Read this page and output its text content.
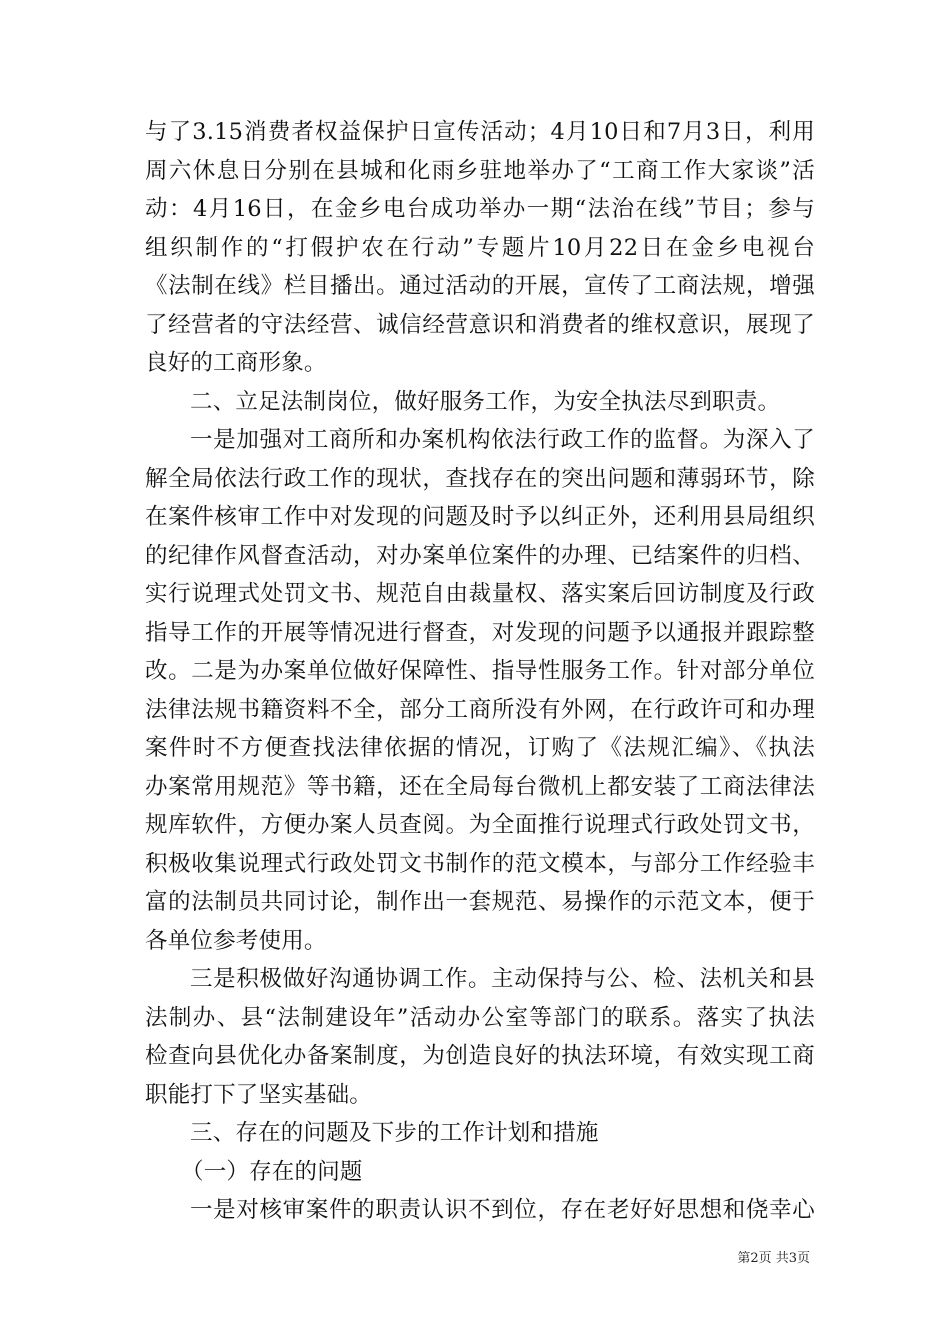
与了3.15消费者权益保护日宣传活动；4月10日和7月3日，利用
周六休息日分别在县城和化雨乡驻地举办了“工商工作大家谈”活
动：4月16日，在金乡电台成功举办一期“法治在线”节目；参与
组织制作的“打假护农在行动”专题片10月22日在金乡电视台
《法制在线》栏目播出。通过活动的开展，宣传了工商法规，增强
了经营者的守法经营、诚信经营意识和消费者的维权意识，展现了
良好的工商形象。
二、立足法制岗位，做好服务工作，为安全执法尽到职责。
一是加强对工商所和办案机构依法行政工作的监督。为深入了
解全局依法行政工作的现状，查找存在的突出问题和薄弱环节，除
在案件核审工作中对发现的问题及时予以纠正外，还利用县局组织
的纪律作风督查活动，对办案单位案件的办理、已结案件的归档、
实行说理式处罚文书、规范自由裁量权、落实案后回访制度及行政
指导工作的开展等情况进行督查，对发现的问题予以通报并跟踪整
改。二是为办案单位做好保障性、指导性服务工作。针对部分单位
法律法规书籍资料不全，部分工商所没有外网，在行政许可和办理
案件时不方便查找法律依据的情况，订购了《法规汇编》、《执法
办案常用规范》等书籍，还在全局每台微机上都安装了工商法律法
规库软件，方便办案人员查阅。为全面推行说理式行政处罚文书，
积极收集说理式行政处罚文书制作的范文模本，与部分工作经验丰
富的法制员共同讨论，制作出一套规范、易操作的示范文本，便于
各单位参考使用。
三是积极做好沟通协调工作。主动保持与公、检、法机关和县
法制办、县“法制建设年”活动办公室等部门的联系。落实了执法
检查向县优化办备案制度，为创造良好的执法环境，有效实现工商
职能打下了坚实基础。
三、存在的问题及下步的工作计划和措施
（一）存在的问题
一是对核审案件的职责认识不到位，存在老好好思想和侥幸心
第2页 共3页
